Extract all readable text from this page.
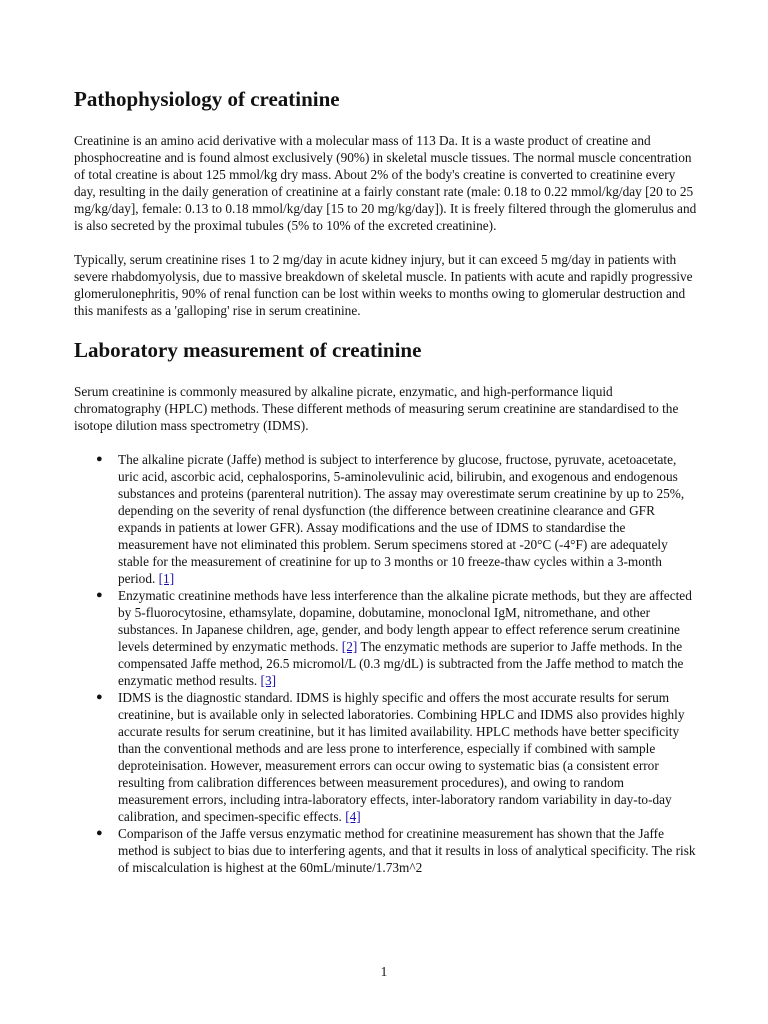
Pathophysiology of creatinine

Creatinine is an amino acid derivative with a molecular mass of 113 Da. It is a waste product of creatine and phosphocreatine and is found almost exclusively (90%) in skeletal muscle tissues. The normal muscle concentration of total creatine is about 125 mmol/kg dry mass. About 2% of the body's creatine is converted to creatinine every day, resulting in the daily generation of creatinine at a fairly constant rate (male: 0.18 to 0.22 mmol/kg/day [20 to 25 mg/kg/day], female: 0.13 to 0.18 mmol/kg/day [15 to 20 mg/kg/day]). It is freely filtered through the glomerulus and is also secreted by the proximal tubules (5% to 10% of the excreted creatinine).

Typically, serum creatinine rises 1 to 2 mg/day in acute kidney injury, but it can exceed 5 mg/day in patients with severe rhabdomyolysis, due to massive breakdown of skeletal muscle. In patients with acute and rapidly progressive glomerulonephritis, 90% of renal function can be lost within weeks to months owing to glomerular destruction and this manifests as a 'galloping' rise in serum creatinine.

Laboratory measurement of creatinine

Serum creatinine is commonly measured by alkaline picrate, enzymatic, and high-performance liquid chromatography (HPLC) methods. These different methods of measuring serum creatinine are standardised to the isotope dilution mass spectrometry (IDMS).

● The alkaline picrate (Jaffe) method is subject to interference by glucose, fructose, pyruvate, acetoacetate, uric acid, ascorbic acid, cephalosporins, 5-aminolevulinic acid, bilirubin, and exogenous and endogenous substances and proteins (parenteral nutrition). The assay may overestimate serum creatinine by up to 25%, depending on the severity of renal dysfunction (the difference between creatinine clearance and GFR expands in patients at lower GFR). Assay modifications and the use of IDMS to standardise the measurement have not eliminated this problem. Serum specimens stored at -20°C (-4°F) are adequately stable for the measurement of creatinine for up to 3 months or 10 freeze-thaw cycles within a 3-month period. [1]
● Enzymatic creatinine methods have less interference than the alkaline picrate methods, but they are affected by 5-fluorocytosine, ethamsylate, dopamine, dobutamine, monoclonal IgM, nitromethane, and other substances. In Japanese children, age, gender, and body length appear to effect reference serum creatinine levels determined by enzymatic methods. [2] The enzymatic methods are superior to Jaffe methods. In the compensated Jaffe method, 26.5 micromol/L (0.3 mg/dL) is subtracted from the Jaffe method to match the enzymatic method results. [3]
● IDMS is the diagnostic standard. IDMS is highly specific and offers the most accurate results for serum creatinine, but is available only in selected laboratories. Combining HPLC and IDMS also provides highly accurate results for serum creatinine, but it has limited availability. HPLC methods have better specificity than the conventional methods and are less prone to interference, especially if combined with sample deproteinisation. However, measurement errors can occur owing to systematic bias (a consistent error resulting from calibration differences between measurement procedures), and owing to random measurement errors, including intra-laboratory effects, inter-laboratory random variability in day-to-day calibration, and specimen-specific effects. [4]
● Comparison of the Jaffe versus enzymatic method for creatinine measurement has shown that the Jaffe method is subject to bias due to interfering agents, and that it results in loss of analytical specificity. The risk of miscalculation is highest at the 60mL/minute/1.73m^2
1
